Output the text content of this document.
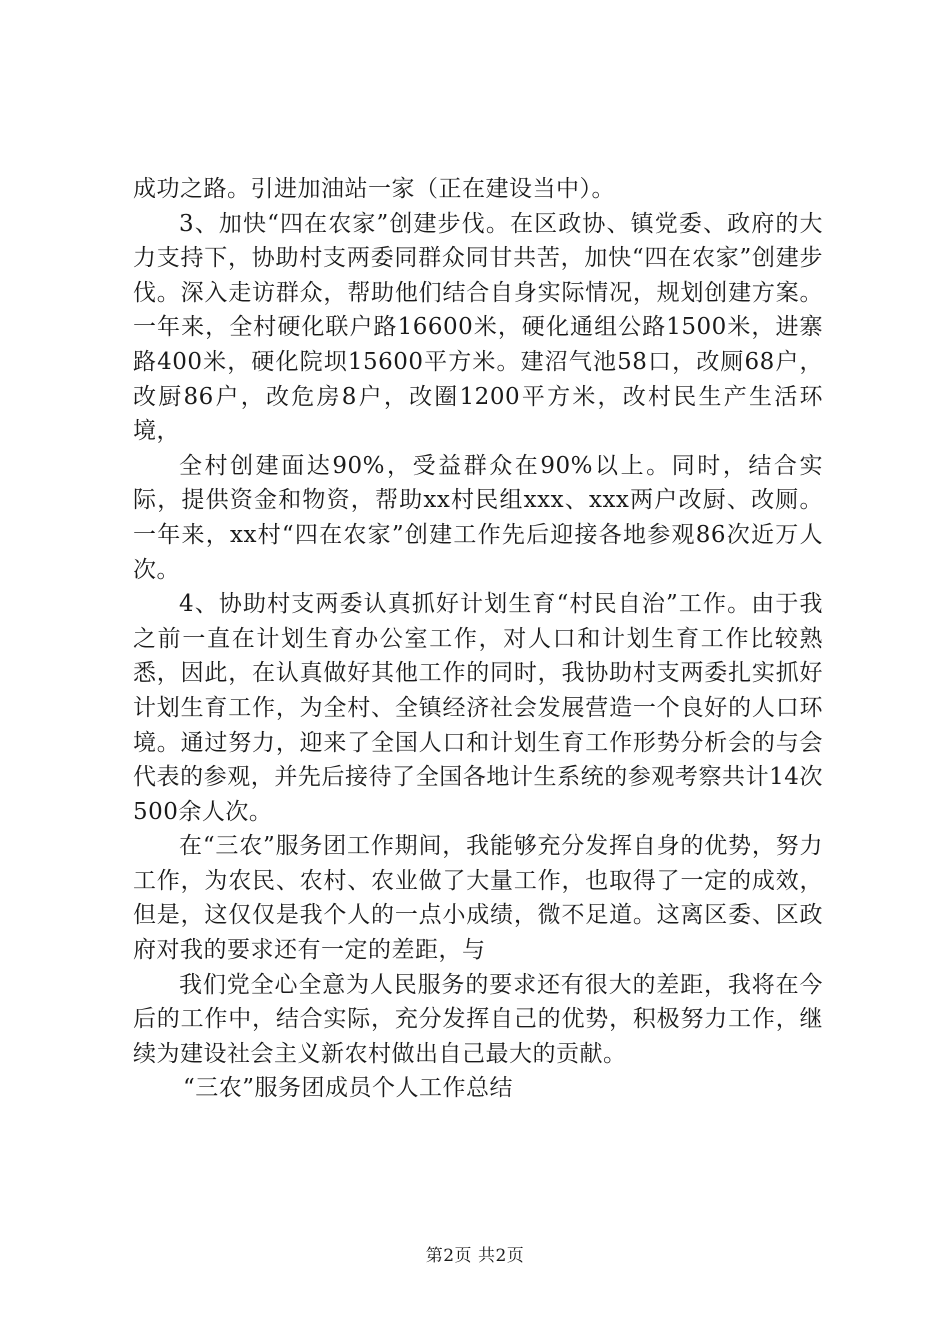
成功之路。引进加油站一家（正在建设当中）。

3、加快“四在农家”创建步伐。在区政协、镇党委、政府的大力支持下，协助村支两委同群众同甘共苦，加快“四在农家”创建步伐。深入走访群众，帮助他们结合自身实际情况，规划创建方案。一年来，全村硬化联户路16600米，硬化通组公路1500米，进寨路400米，硬化院坝15600平方米。建沼气池58口，改厕68户，改厨86户，改危房8户，改圈1200平方米，改村民生产生活环境，

全村创建面达90%，受益群众在90%以上。同时，结合实际，提供资金和物资，帮助xx村民组xxx、xxx两户改厨、改厕。一年来，xx村“四在农家”创建工作先后迎接各地参观86次近万人次。

4、协助村支两委认真抓好计划生育“村民自治”工作。由于我之前一直在计划生育办公室工作，对人口和计划生育工作比较熟悉，因此，在认真做好其他工作的同时，我协助村支两委扎实抓好计划生育工作，为全村、全镇经济社会发展营造一个良好的人口环境。通过努力，迎来了全国人口和计划生育工作形势分析会的与会代表的参观，并先后接待了全国各地计生系统的参观考察共计14次500余人次。

在“三农”服务团工作期间，我能够充分发挥自身的优势，努力工作，为农民、农村、农业做了大量工作，也取得了一定的成效，但是，这仅仅是我个人的一点小成绩，微不足道。这离区委、区政府对我的要求还有一定的差距，与

我们党全心全意为人民服务的要求还有很大的差距，我将在今后的工作中，结合实际，充分发挥自己的优势，积极努力工作，继续为建设社会主义新农村做出自己最大的贡献。

“三农”服务团成员个人工作总结

第2页 共2页
